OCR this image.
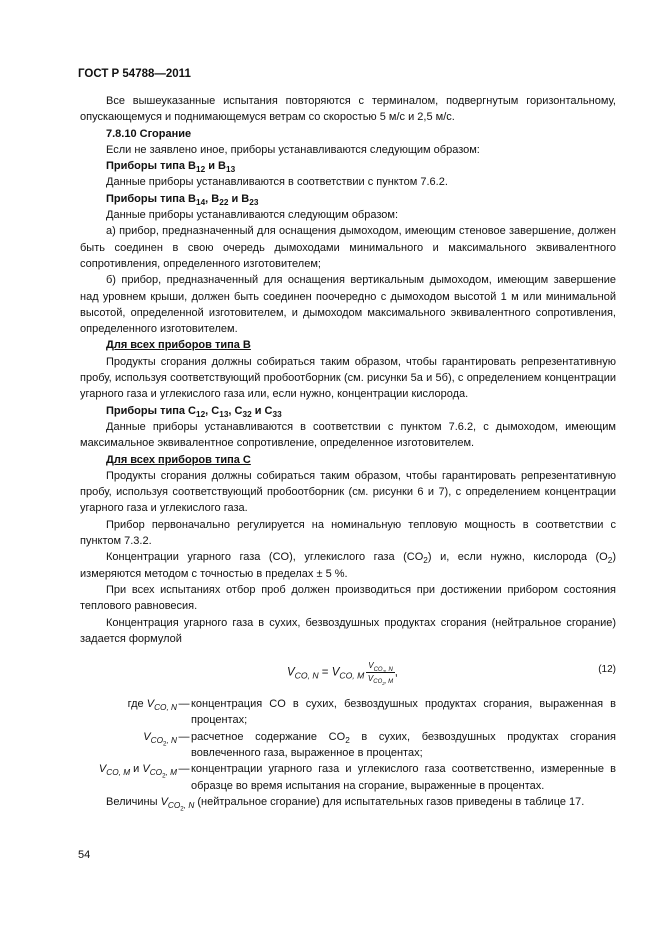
ГОСТ Р 54788—2011

Все вышеуказанные испытания повторяются с терминалом, подвергнутым горизонтальному, опускающемуся и поднимающемуся ветрам со скоростью 5 м/с и 2,5 м/с.

7.8.10 Сгорание

Если не заявлено иное, приборы устанавливаются следующим образом:

Приборы типа $B_{12}$ и $B_{13}$

Данные приборы устанавливаются в соответствии с пунктом 7.6.2.

Приборы типа $B_{14}$, $B_{22}$ и $B_{23}$

Данные приборы устанавливаются следующим образом:

а) прибор, предназначенный для оснащения дымоходом, имеющим стеновое завершение, должен быть соединен в свою очередь дымоходами минимального и максимального эквивалентного сопротивления, определенного изготовителем;

б) прибор, предназначенный для оснащения вертикальным дымоходом, имеющим завершение над уровнем крыши, должен быть соединен поочередно с дымоходом высотой 1 м или минимальной высотой, определенной изготовителем, и дымоходом максимального эквивалентного сопротивления, определенного изготовителем.

Для всех приборов типа B

Продукты сгорания должны собираться таким образом, чтобы гарантировать репрезентативную пробу, используя соответствующий пробоотборник (см. рисунки 5а и 5б), с определением концентрации угарного газа и углекислого газа или, если нужно, концентрации кислорода.

Приборы типа $C_{12}$, $C_{13}$, $C_{32}$ и $C_{33}$

Данные приборы устанавливаются в соответствии с пунктом 7.6.2, с дымоходом, имеющим максимальное эквивалентное сопротивление, определенное изготовителем.

Для всех приборов типа C

Продукты сгорания должны собираться таким образом, чтобы гарантировать репрезентативную пробу, используя соответствующий пробоотборник (см. рисунки 6 и 7), с определением концентрации угарного газа и углекислого газа.

Прибор первоначально регулируется на номинальную тепловую мощность в соответствии с пунктом 7.3.2.

Концентрации угарного газа (CO), углекислого газа $(CO_2)$ и, если нужно, кислорода $(O_2)$ измеряются методом с точностью в пределах ± 5 %.

При всех испытаниях отбор проб должен производиться при достижении прибором состояния теплового равновесия.

Концентрация угарного газа в сухих, безвоздушных продуктах сгорания (нейтральное сгорание) задается формулой

$V_{CO, N} = V_{CO, M} \frac{V_{CO_2, N}}{V_{CO_2, M}}$ ,	(12)
где $V_{CO, N}$ — концентрация CO в сухих, безвоздушных продуктах сгорания, выраженная в процентах;
$V_{CO_2, N}$ — расчетное содержание $CO_2$ в сухих, безвоздушных продуктах сгорания вовлеченного газа, выраженное в процентах;
$V_{CO, M}$ и $V_{CO_2, M}$ — концентрации угарного газа и углекислого газа соответственно, измеренные в образце во время испытания на сгорание, выраженные в процентах.

Величины $V_{CO_2, N}$ (нейтральное сгорание) для испытательных газов приведены в таблице 17.

54
